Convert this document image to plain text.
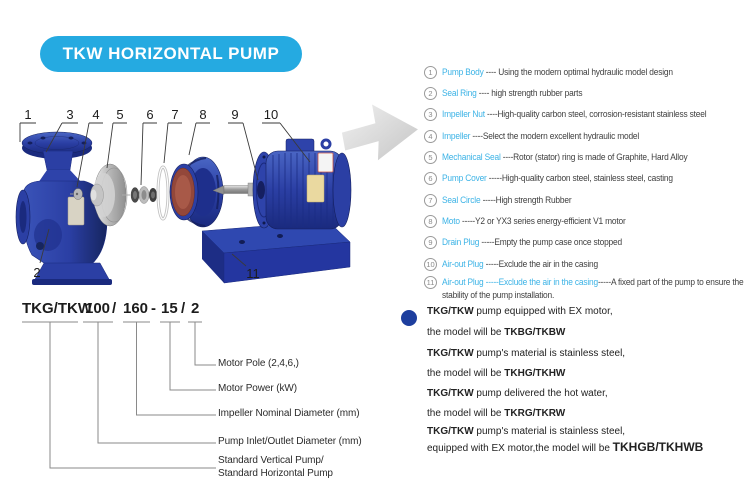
TKW HORIZONTAL PUMP
1	3 4 5 6 7 8 9 10
2	11
1	Pump Body ---- Using the modern optimal hydraulic model design
2	Seal Ring ---- high strength rubber parts
3	Impeller Nut ----High-quality carbon steel, corrosion-resistant stainless steel
4	Impeller ----Select the modern excellent hydraulic model
5	Mechanical Seal ----Rotor (stator) ring is made of Graphite, Hard Alloy
6	Pump Cover -----High-quality carbon steel, stainless steel, casting
7	Seal Circle -----High strength Rubber
8	Moto -----Y2 or YX3 series energy-efficient V1 motor
9	Drain Plug -----Empty the pump case once stopped
10 Air-out Plug -----Exclude the air in the casing
11 Air-out Plug -----Exclude the air in the casing-----A fixed part of the pump to ensure the stability of the pump installation.
TKG/TKW
100 / 160 - 15 / 2
Motor Pole (2,4,6,)
Motor Power (kW)
Impeller Nominal Diameter (mm)
Pump Inlet/Outlet Diameter (mm)
Standard Vertical Pump/
Standard Horizontal Pump
TKG/TKW pump equipped with EX motor,
the model will be TKBG/TKBW
TKG/TKW pump's material is stainless steel,
the model will be TKHG/TKHW
TKG/TKW pump delivered the hot water,
the model will be TKRG/TKRW
TKG/TKW pump's material is stainless steel,
equipped with EX motor,the model will be TKHGB/TKHWB
